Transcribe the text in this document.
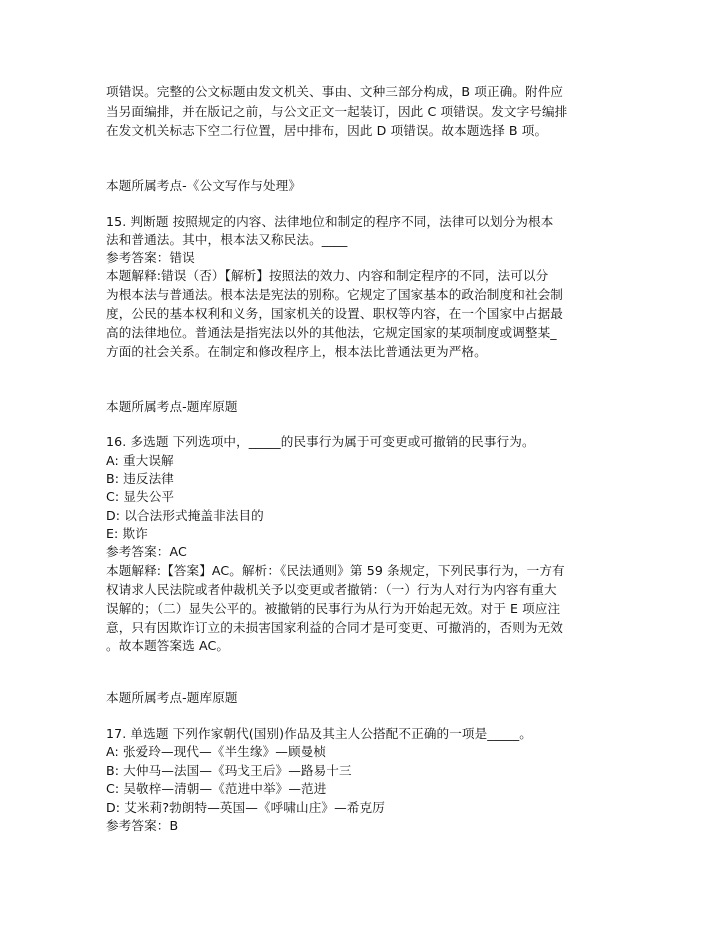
项错误。完整的公文标题由发文机关、事由、文种三部分构成，B 项正确。附件应
当另面编排，并在版记之前，与公文正文一起装订，因此 C 项错误。发文字号编排
在发文机关标志下空二行位置，居中排布，因此 D 项错误。故本题选择 B 项。
本题所属考点-《公文写作与处理》
15. 判断题 按照规定的内容、法律地位和制定的程序不同，法律可以划分为根本
法和普通法。其中，根本法又称民法。____
参考答案：错误
本题解释:错误（否）【解析】按照法的效力、内容和制定程序的不同，法可以分
为根本法与普通法。根本法是宪法的别称。它规定了国家基本的政治制度和社会制
度，公民的基本权利和义务，国家机关的设置、职权等内容，在一个国家中占据最
高的法律地位。普通法是指宪法以外的其他法，它规定国家的某项制度或调整某_
方面的社会关系。在制定和修改程序上，根本法比普通法更为严格。
本题所属考点-题库原题
16. 多选题 下列选项中，_____的民事行为属于可变更或可撤销的民事行为。
A: 重大误解
B: 违反法律
C: 显失公平
D: 以合法形式掩盖非法目的
E: 欺诈
参考答案：AC
本题解释:【答案】AC。解析：《民法通则》第 59 条规定，下列民事行为，一方有
权请求人民法院或者仲裁机关予以变更或者撤销：（一）行为人对行为内容有重大
误解的；（二）显失公平的。被撤销的民事行为从行为开始起无效。对于 E 项应注
意，只有因欺诈订立的未损害国家利益的合同才是可变更、可撤消的，否则为无效
。故本题答案选 AC。
本题所属考点-题库原题
17. 单选题 下列作家朝代(国别)作品及其主人公搭配不正确的一项是_____。
A: 张爱玲—现代—《半生缘》—顾曼桢
B: 大仲马—法国—《玛戈王后》—路易十三
C: 吴敬梓—清朝—《范进中举》—范进
D: 艾米莉?勃朗特—英国—《呼啸山庄》—希克厉
参考答案：B
